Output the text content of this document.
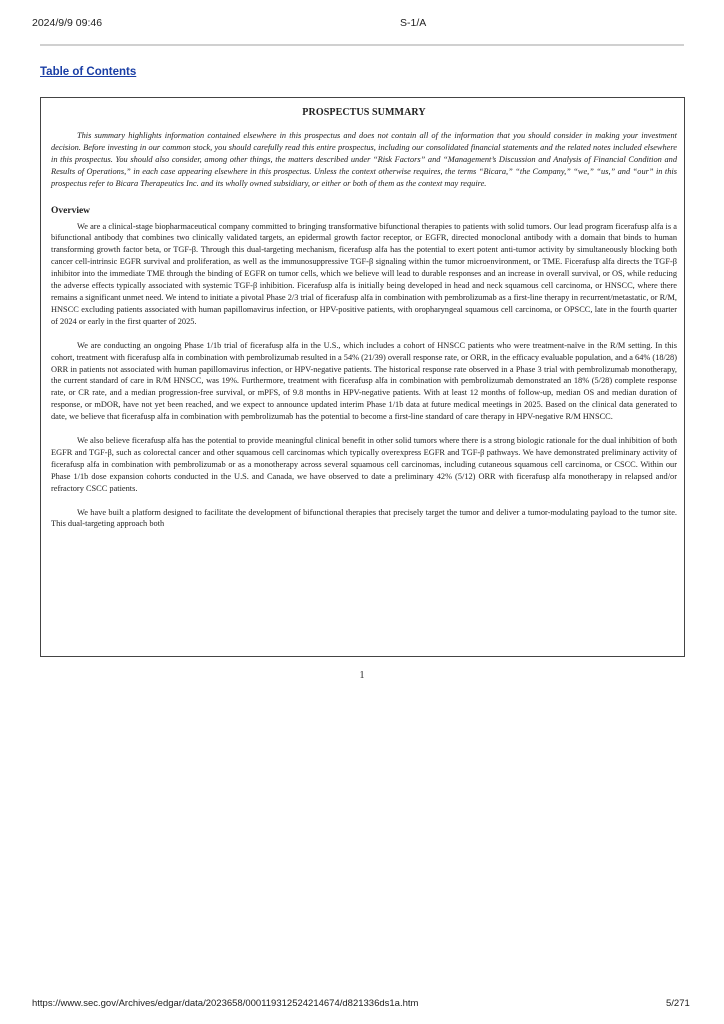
2024/9/9 09:46	S-1/A
Table of Contents
PROSPECTUS SUMMARY

This summary highlights information contained elsewhere in this prospectus and does not contain all of the information that you should consider in making your investment decision. Before investing in our common stock, you should carefully read this entire prospectus, including our consolidated financial statements and the related notes included elsewhere in this prospectus. You should also consider, among other things, the matters described under “Risk Factors” and “Management’s Discussion and Analysis of Financial Condition and Results of Operations,” in each case appearing elsewhere in this prospectus. Unless the context otherwise requires, the terms “Bicara,” “the Company,” “we,” “us,” and “our” in this prospectus refer to Bicara Therapeutics Inc. and its wholly owned subsidiary, or either or both of them as the context may require.

Overview

We are a clinical-stage biopharmaceutical company committed to bringing transformative bifunctional therapies to patients with solid tumors. Our lead program ficerafusp alfa is a bifunctional antibody that combines two clinically validated targets, an epidermal growth factor receptor, or EGFR, directed monoclonal antibody with a domain that binds to human transforming growth factor beta, or TGF-β. Through this dual-targeting mechanism, ficerafusp alfa has the potential to exert potent anti-tumor activity by simultaneously blocking both cancer cell-intrinsic EGFR survival and proliferation, as well as the immunosuppressive TGF-β signaling within the tumor microenvironment, or TME. Ficerafusp alfa directs the TGF-β inhibitor into the immediate TME through the binding of EGFR on tumor cells, which we believe will lead to durable responses and an increase in overall survival, or OS, while reducing the adverse effects typically associated with systemic TGF-β inhibition. Ficerafusp alfa is initially being developed in head and neck squamous cell carcinoma, or HNSCC, where there remains a significant unmet need. We intend to initiate a pivotal Phase 2/3 trial of ficerafusp alfa in combination with pembrolizumab as a first-line therapy in recurrent/metastatic, or R/M, HNSCC excluding patients associated with human papillomavirus infection, or HPV-positive patients, with oropharyngeal squamous cell carcinoma, or OPSCC, late in the fourth quarter of 2024 or early in the first quarter of 2025.

We are conducting an ongoing Phase 1/1b trial of ficerafusp alfa in the U.S., which includes a cohort of HNSCC patients who were treatment-naïve in the R/M setting. In this cohort, treatment with ficerafusp alfa in combination with pembrolizumab resulted in a 54% (21/39) overall response rate, or ORR, in the efficacy evaluable population, and a 64% (18/28) ORR in patients not associated with human papillomavirus infection, or HPV-negative patients. The historical response rate observed in a Phase 3 trial with pembrolizumab monotherapy, the current standard of care in R/M HNSCC, was 19%. Furthermore, treatment with ficerafusp alfa in combination with pembrolizumab demonstrated an 18% (5/28) complete response rate, or CR rate, and a median progression-free survival, or mPFS, of 9.8 months in HPV-negative patients. With at least 12 months of follow-up, median OS and median duration of response, or mDOR, have not yet been reached, and we expect to announce updated interim Phase 1/1b data at future medical meetings in 2025. Based on the clinical data generated to date, we believe that ficerafusp alfa in combination with pembrolizumab has the potential to become a first-line standard of care therapy in HPV-negative R/M HNSCC.

We also believe ficerafusp alfa has the potential to provide meaningful clinical benefit in other solid tumors where there is a strong biologic rationale for the dual inhibition of both EGFR and TGF-β, such as colorectal cancer and other squamous cell carcinomas which typically overexpress EGFR and TGF-β pathways. We have demonstrated preliminary activity of ficerafusp alfa in combination with pembrolizumab or as a monotherapy across several squamous cell carcinomas, including cutaneous squamous cell carcinoma, or CSCC. Within our Phase 1/1b dose expansion cohorts conducted in the U.S. and Canada, we have observed to date a preliminary 42% (5/12) ORR with ficerafusp alfa monotherapy in relapsed and/or refractory CSCC patients.

We have built a platform designed to facilitate the development of bifunctional therapies that precisely target the tumor and deliver a tumor-modulating payload to the tumor site. This dual-targeting approach both

1
https://www.sec.gov/Archives/edgar/data/2023658/000119312524214674/d821336ds1a.htm	5/271
